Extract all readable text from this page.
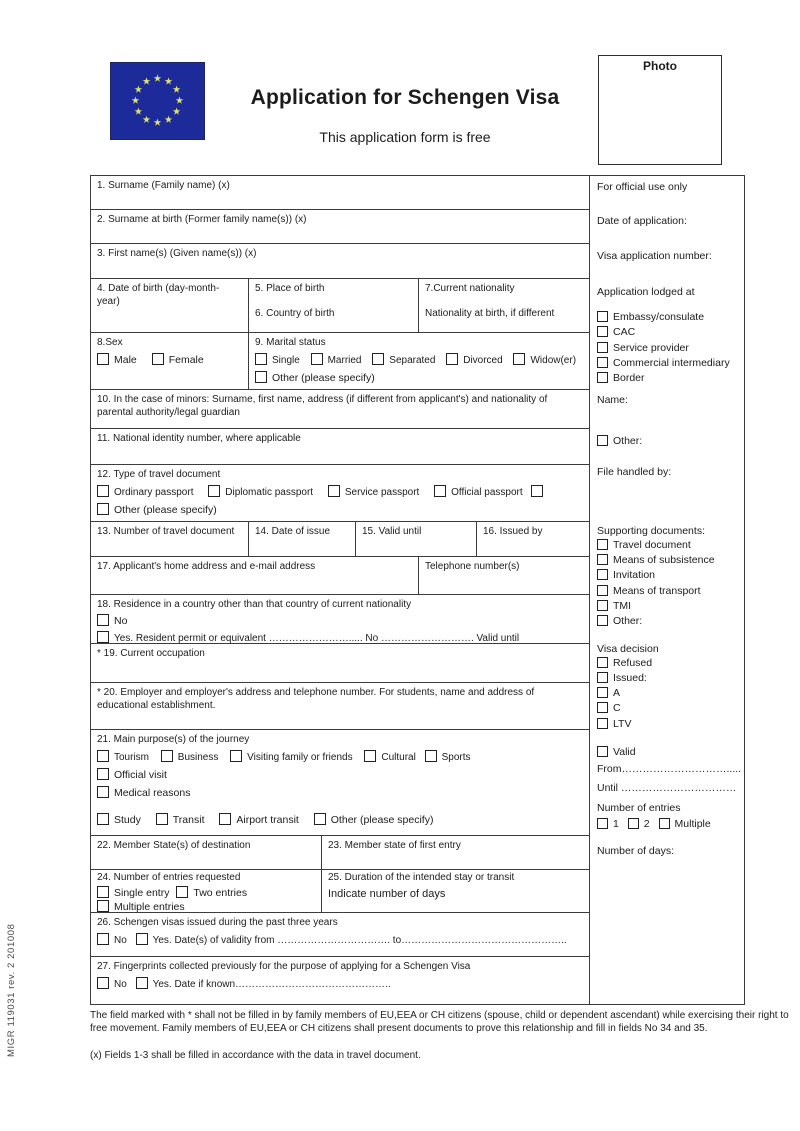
MIGR 119031 rev. 2 201008
Application for Schengen Visa
This application form is free
Photo
1. Surname (Family name) (x)
2. Surname at birth (Former family name(s)) (x)
3. First name(s) (Given name(s)) (x)
4. Date of birth (day-month-year)
5. Place of birth
6. Country of birth
7.Current nationality
Nationality at birth, if different
8.Sex
Male	Female
9. Marital status
Single	Married	Separated	Divorced	Widow(er)
Other (please specify)
10. In the case of minors: Surname, first name, address (if different from applicant's) and nationality of parental authority/legal guardian
11. National identity number, where applicable
12. Type of travel document
Ordinary passport	Diplomatic passport	Service passport	Official passport
Other (please specify)
13. Number of travel document	14. Date of issue	15. Valid until	16. Issued by
17. Applicant's home address and e-mail address	Telephone number(s)
18. Residence in a country other than that country of current nationality
No
Yes. Resident permit or equivalent ……………………..... No ………………………. Valid until
* 19. Current occupation
* 20. Employer and employer's address and telephone number. For students, name and address of educational establishment.
21. Main purpose(s) of the journey
Tourism	Business	Visiting family or friends	Cultural	Sports
Official visit
Medical reasons
Study	Transit	Airport transit	Other (please specify)
22. Member State(s) of destination	23. Member state of first entry
24. Number of entries requested
Single entry Two entries
Multiple entries
25. Duration of the intended stay or transit
Indicate number of days
26. Schengen visas issued during the past three years
No	Yes. Date(s) of validity from ……………………………. to…………………………………………..
27. Fingerprints collected previously for the purpose of applying for a Schengen Visa
No	Yes. Date if known………………………………………..
For official use only
Date of application:
Visa application number:
Application lodged at
Embassy/consulate
CAC
Service provider
Commercial intermediary
Border
Name:
Other:
File handled by:
Supporting documents:
Travel document
Means of subsistence
Invitation
Means of transport
TMI
Other:
Visa decision
Refused
Issued:
A
C
LTV
Valid
From………………………….....
Until ……………………………
Number of entries
1 2 Multiple
Number of days:
The field marked with * shall not be filled in by family members of EU,EEA or CH citizens (spouse, child or dependent ascendant) while exercising their right to free movement. Family members of EU,EEA or CH citizens shall present documents to prove this relationship and fill in fields No 34 and 35.
(x) Fields 1-3 shall be filled in accordance with the data in travel document.
